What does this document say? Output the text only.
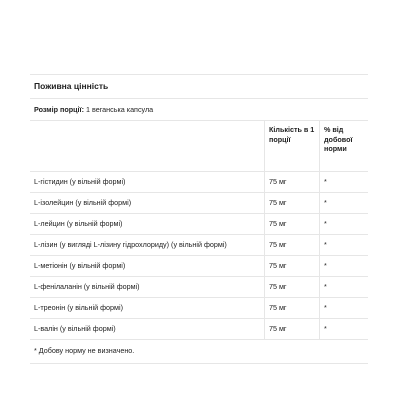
Поживна цінність
Розмір порції: 1 веганська капсула
	Кількість в 1 порції	% від добової норми
L-гістидин (у вільній формі)	75 мг	*
L-ізолейцин (у вільній формі)	75 мг	*
L-лейцин (у вільній формі)	75 мг	*
L-лізин (у вигляді L-лізину гідрохлориду) (у вільній формі)	75 мг	*
L-метіонін (у вільній формі)	75 мг	*
L-фенілаланін (у вільній формі)	75 мг	*
L-треонін (у вільній формі)	75 мг	*
L-валін (у вільній формі)	75 мг	*
* Добову норму не визначено.
